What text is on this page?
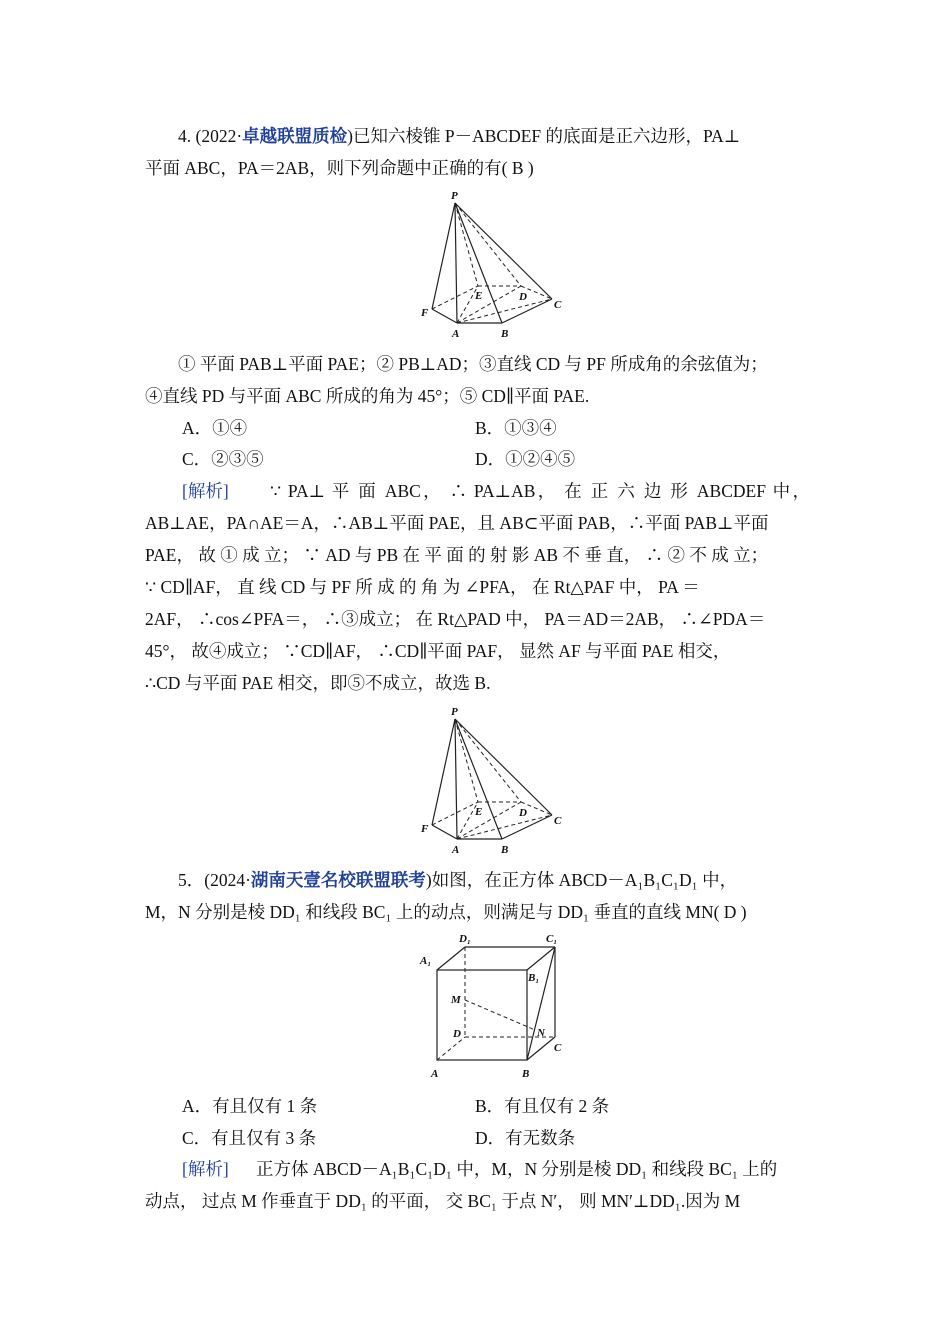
4. (2022·卓越联盟质检)已知六棱锥 P－ABCDEF 的底面是正六边形，PA⊥
平面 ABC，PA＝2AB，则下列命题中正确的有( B )
P
F
A	B
C
D
E
① 平面 PAB⊥平面 PAE；② PB⊥AD；③直线 CD 与 PF 所成角的余弦值为；
④直线 PD 与平面 ABC 所成的角为 45°；⑤ CD∥平面 PAE.
A．①④	B．①③④
C．②③⑤	D．①②④⑤
[解析]	∵ PA⊥ 平 面 ABC， ∴ PA⊥AB， 在 正 六 边 形 ABCDEF 中，
AB⊥AE，PA∩AE＝A，∴AB⊥平面 PAE，且 AB⊂平面 PAB，∴平面 PAB⊥平面
PAE， 故 ① 成 立； ∵ AD 与 PB 在 平 面 的 射 影 AB 不 垂 直， ∴ ② 不 成 立；
∵ CD∥AF， 直 线 CD 与 PF 所 成 的 角 为 ∠PFA， 在 Rt△PAF 中， PA ＝
2AF， ∴cos∠PFA＝， ∴③成立； 在 Rt△PAD 中， PA＝AD＝2AB， ∴∠PDA＝
45°， 故④成立； ∵CD∥AF， ∴CD∥平面 PAF， 显然 AF 与平面 PAE 相交，
∴CD 与平面 PAE 相交，即⑤不成立，故选 B.
P
F
A	B
C
D
E
5．(2024·湖南天壹名校联盟联考)如图，在正方体 ABCD－A₁B₁C₁D₁ 中，
M，N 分别是棱 DD₁ 和线段 BC₁ 上的动点，则满足与 DD₁ 垂直的直线 MN( D )
D₁	C₁
A₁
B₁
M
N
D
C
A	B
A．有且仅有 1 条	B．有且仅有 2 条
C．有且仅有 3 条	D．有无数条
[解析]	正方体 ABCD－A₁B₁C₁D₁ 中，M，N 分别是棱 DD₁ 和线段 BC₁ 上的
动点， 过点 M 作垂直于 DD₁ 的平面， 交 BC₁ 于点 N′， 则 MN′⊥DD₁.因为 M
